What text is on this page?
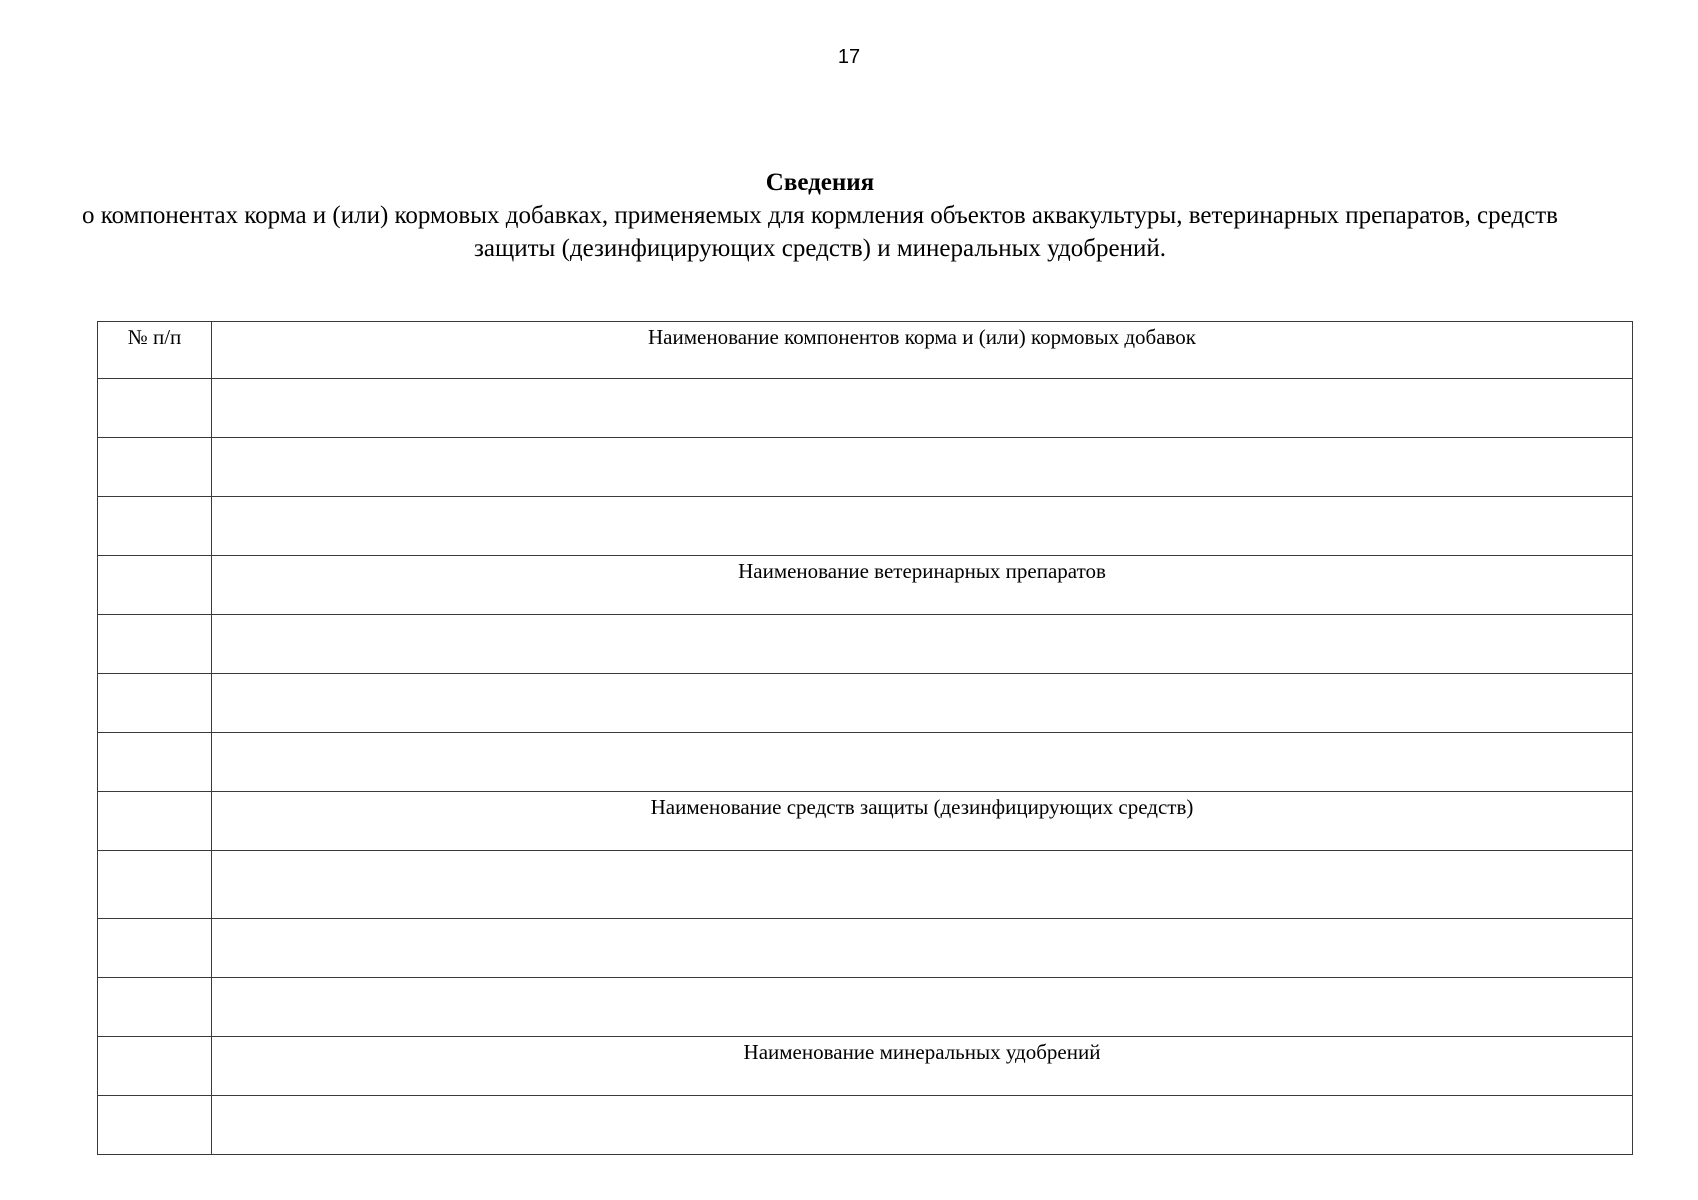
17
Сведения
о компонентах корма и (или) кормовых добавках, применяемых для кормления объектов аквакультуры, ветеринарных препаратов, средств защиты (дезинфицирующих средств) и минеральных удобрений.
№ п/п	Наименование компонентов корма и (или) кормовых добавок

	Наименование ветеринарных препаратов

	Наименование средств защиты (дезинфицирующих средств)

	Наименование минеральных удобрений
